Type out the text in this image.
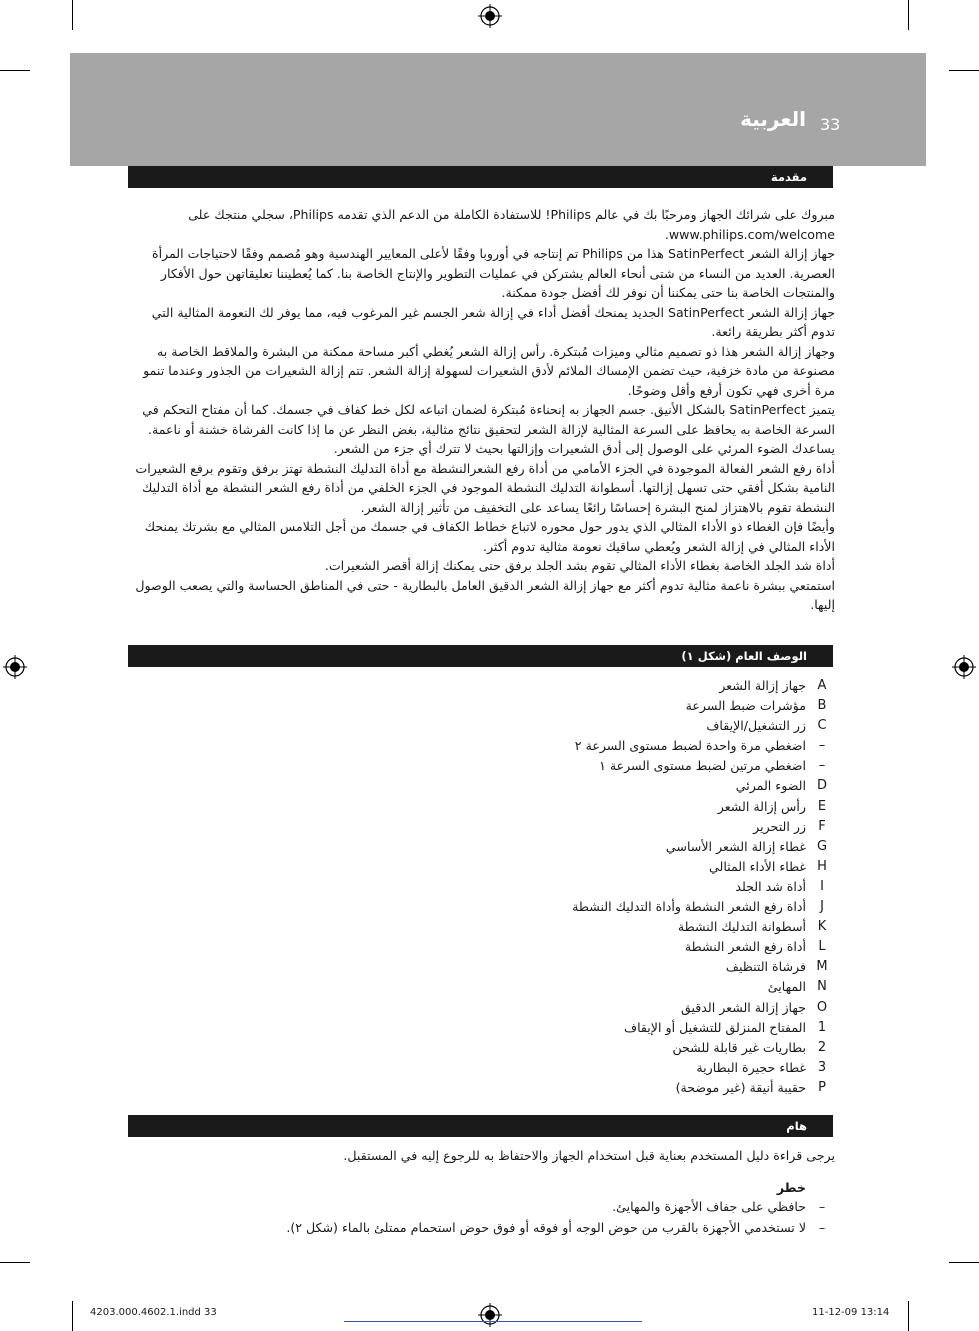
33
العربية
مقدمة

مبروك على شرائك الجهاز ومرحبًا بك في عالم Philips! للاستفادة الكاملة من الدعم الذي تقدمه Philips، سجلي منتجك على www.philips.com/welcome.

جهاز إزالة الشعر SatinPerfect هذا من Philips تم إنتاجه في أوروبا وفقًا لأعلى المعايير الهندسية وهو مُصمم وفقًا لاحتياجات المرأة العصرية. العديد من النساء من شتى أنحاء العالم يشتركن في عمليات التطوير والإنتاج الخاصة بنا. كما يُعطيننا تعليقاتهن حول الأفكار والمنتجات الخاصة بنا حتى يمكننا أن نوفر لك أفضل جودة ممكنة.

جهاز إزالة الشعر SatinPerfect الجديد يمنحك أفضل أداء في إزالة شعر الجسم غير المرغوب فيه، مما يوفر لك النعومة المثالية التي تدوم أكثر بطريقة رائعة.

وجهاز إزالة الشعر هذا ذو تصميم مثالي وميزات مُبتكرة. رأس إزالة الشعر يُغطي أكبر مساحة ممكنة من البشرة والملاقط الخاصة به مصنوعة من مادة خزفية، حيث تضمن الإمساك الملائم لأدق الشعيرات لسهولة إزالة الشعر. تتم إزالة الشعيرات من الجذور وعندما تنمو مرة أخرى فهي تكون أرفع وأقل وضوحًا.

يتميز SatinPerfect بالشكل الأنيق. جسم الجهاز به إنحناءة مُبتكرة لضمان اتباعه لكل خط كفاف في جسمك. كما أن مفتاح التحكم في السرعة الخاصة به يحافظ على السرعة المثالية لإزالة الشعر لتحقيق نتائج مثالية، بغض النظر عن ما إذا كانت الفرشاة خشنة أو ناعمة. يساعدك الضوء المرئي على الوصول إلى أدق الشعيرات وإزالتها بحيث لا تترك أي جزء من الشعر.

أداة رفع الشعر الفعالة الموجودة في الجزء الأمامي من أداة رفع الشعرالنشطة مع أداة التدليك النشطة تهتز برفق وتقوم برفع الشعيرات النامية بشكل أفقي حتى تسهل إزالتها. أسطوانة التدليك النشطة الموجود في الجزء الخلفي من أداة رفع الشعر النشطة مع أداة التدليك النشطة تقوم بالاهتزاز لمنح البشرة إحساسًا رائعًا يساعد على التخفيف من تأثير إزالة الشعر.

وأيضًا فإن الغطاء ذو الأداء المثالي الذي يدور حول محوره لاتباع خطاط الكفاف في جسمك من أجل التلامس المثالي مع بشرتك يمنحك الأداء المثالي في إزالة الشعر ويُعطي ساقيك نعومة مثالية تدوم أكثر.

أداة شد الجلد الخاصة بغطاء الأداء المثالي تقوم بشد الجلد برفق حتى يمكنك إزالة أقصر الشعيرات.

استمتعي ببشرة ناعمة مثالية تدوم أكثر مع جهاز إزالة الشعر الدقيق العامل بالبطارية - حتى في المناطق الحساسة والتي يصعب الوصول إليها.

الوصف العام (شكل ١)
A
جهاز إزالة الشعر
B
مؤشرات ضبط السرعة
C
زر التشغيل/الإيقاف
–
اضغطي مرة واحدة لضبط مستوى السرعة ٢
–
اضغطي مرتين لضبط مستوى السرعة ١
D
الضوء المرئي
E
رأس إزالة الشعر
F
زر التحرير
G
غطاء إزالة الشعر الأساسي
H
غطاء الأداء المثالي
I
أداة شد الجلد
J
أداة رفع الشعر النشطة وأداة التدليك النشطة
K
أسطوانة التدليك النشطة
L
أداة رفع الشعر النشطة
M
فرشاة التنظيف
N
المهايئ
O
جهاز إزالة الشعر الدقيق
1
المفتاح المنزلق للتشغيل أو الإيقاف
2
بطاريات غير قابلة للشحن
3
غطاء حجيرة البطارية
P
حقيبة أنيقة (غير موضحة)
هام
يرجى قراءة دليل المستخدم بعناية قبل استخدام الجهاز والاحتفاظ به للرجوع إليه في المستقبل.
خطر
–
حافظي على جفاف الأجهزة والمهايئ.
–
لا تستخدمي الأجهزة بالقرب من حوض الوجه أو فوقه أو فوق حوض استحمام ممتلئ بالماء (شكل ٢).
4203.000.4602.1.indd 33	11-12-09 13:14
